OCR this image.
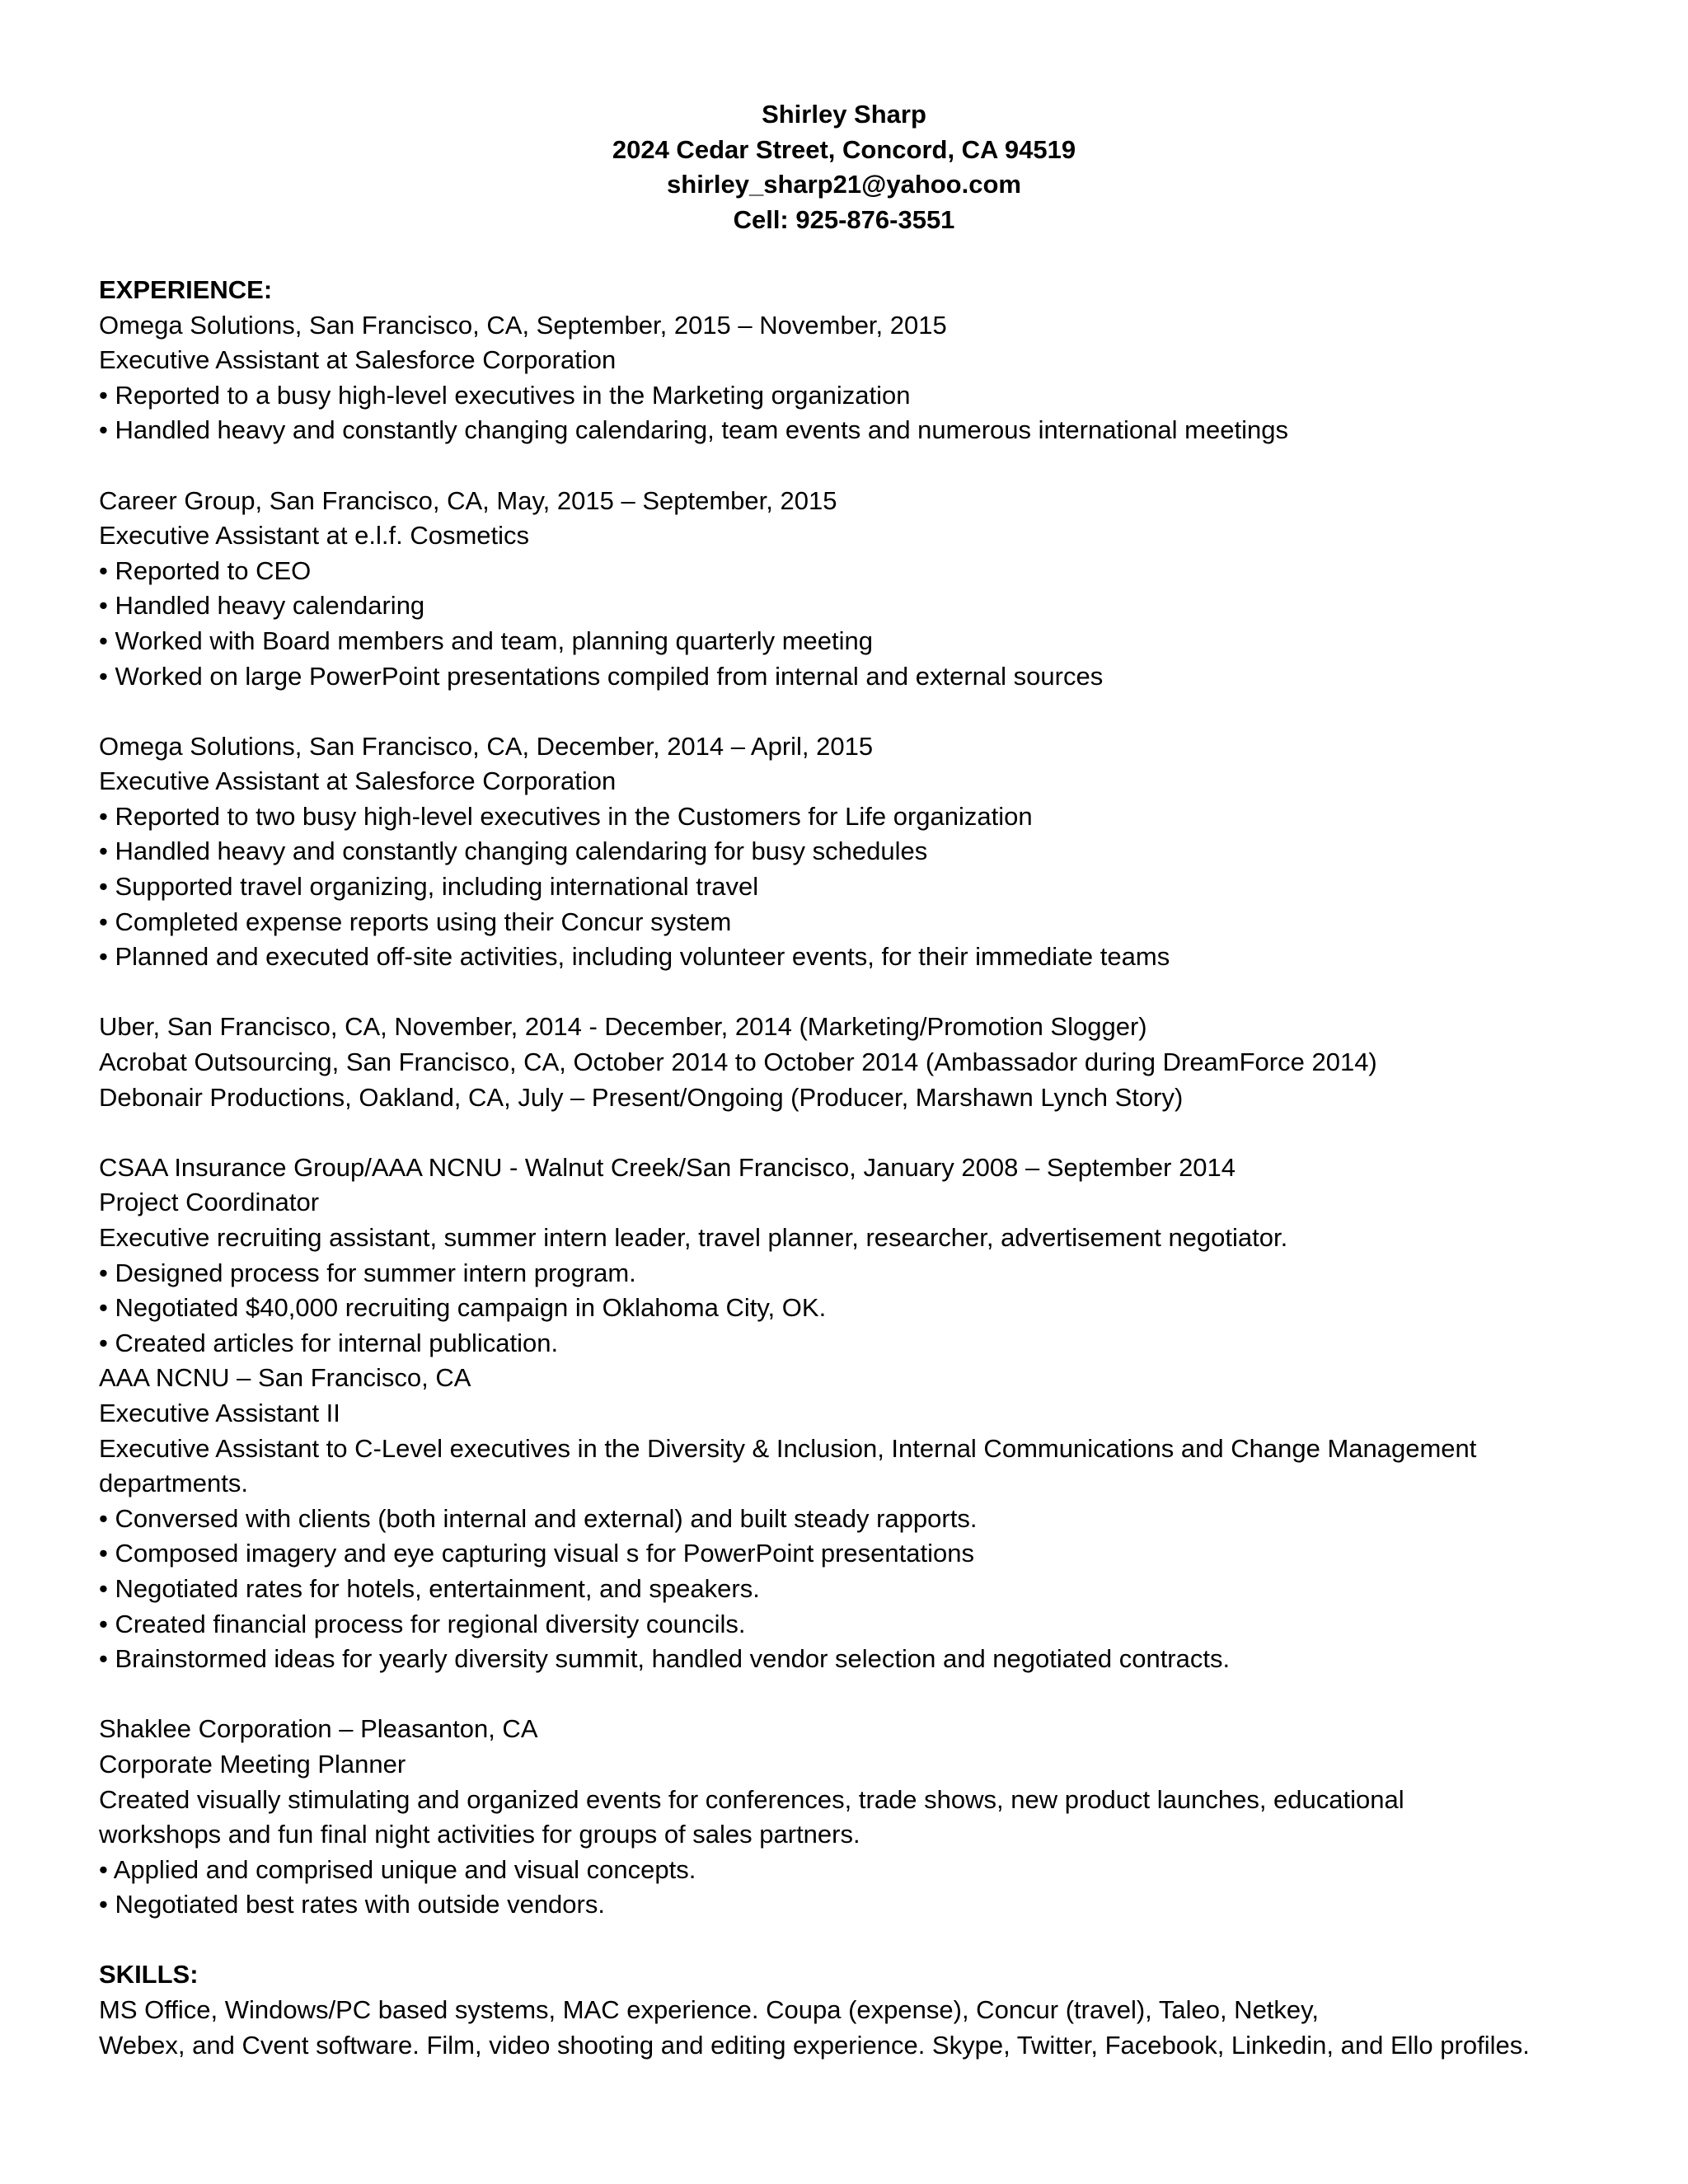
Shirley Sharp
2024 Cedar Street, Concord, CA 94519
shirley_sharp21@yahoo.com
Cell: 925-876-3551
EXPERIENCE:
Omega Solutions, San Francisco, CA, September, 2015 – November, 2015
Executive Assistant at Salesforce Corporation
• Reported to a busy high-level executives in the Marketing organization
• Handled heavy and constantly changing calendaring, team events and numerous international meetings
Career Group, San Francisco, CA, May, 2015 – September, 2015
Executive Assistant at e.l.f. Cosmetics
• Reported to CEO
• Handled heavy calendaring
• Worked with Board members and team, planning quarterly meeting
• Worked on large PowerPoint presentations compiled from internal and external sources
Omega Solutions, San Francisco, CA, December, 2014 – April, 2015
Executive Assistant at Salesforce Corporation
• Reported to two busy high-level executives in the Customers for Life organization
• Handled heavy and constantly changing calendaring for busy schedules
• Supported travel organizing, including international travel
• Completed expense reports using their Concur system
• Planned and executed off-site activities, including volunteer events, for their immediate teams
Uber, San Francisco, CA, November, 2014 - December, 2014 (Marketing/Promotion Slogger)
Acrobat Outsourcing, San Francisco, CA, October 2014 to October 2014 (Ambassador during DreamForce 2014)
Debonair Productions, Oakland, CA, July – Present/Ongoing (Producer, Marshawn Lynch Story)
CSAA Insurance Group/AAA NCNU - Walnut Creek/San Francisco, January 2008 – September 2014
Project Coordinator
Executive recruiting assistant, summer intern leader, travel planner, researcher, advertisement negotiator.
• Designed process for summer intern program.
• Negotiated $40,000 recruiting campaign in Oklahoma City, OK.
• Created articles for internal publication.
AAA NCNU – San Francisco, CA
Executive Assistant II
Executive Assistant to C-Level executives in the Diversity & Inclusion, Internal Communications and Change Management departments.
• Conversed with clients (both internal and external) and built steady rapports.
• Composed imagery and eye capturing visual s for PowerPoint presentations
• Negotiated rates for hotels, entertainment, and speakers.
• Created financial process for regional diversity councils.
• Brainstormed ideas for yearly diversity summit, handled vendor selection and negotiated contracts.
Shaklee Corporation – Pleasanton, CA
Corporate Meeting Planner
Created visually stimulating and organized events for conferences, trade shows, new product launches, educational workshops and fun final night activities for groups of sales partners.
• Applied and comprised unique and visual concepts.
• Negotiated best rates with outside vendors.
SKILLS:
MS Office, Windows/PC based systems, MAC experience. Coupa (expense), Concur (travel), Taleo, Netkey,
Webex, and Cvent software. Film, video shooting and editing experience. Skype, Twitter, Facebook, Linkedin, and Ello profiles.
